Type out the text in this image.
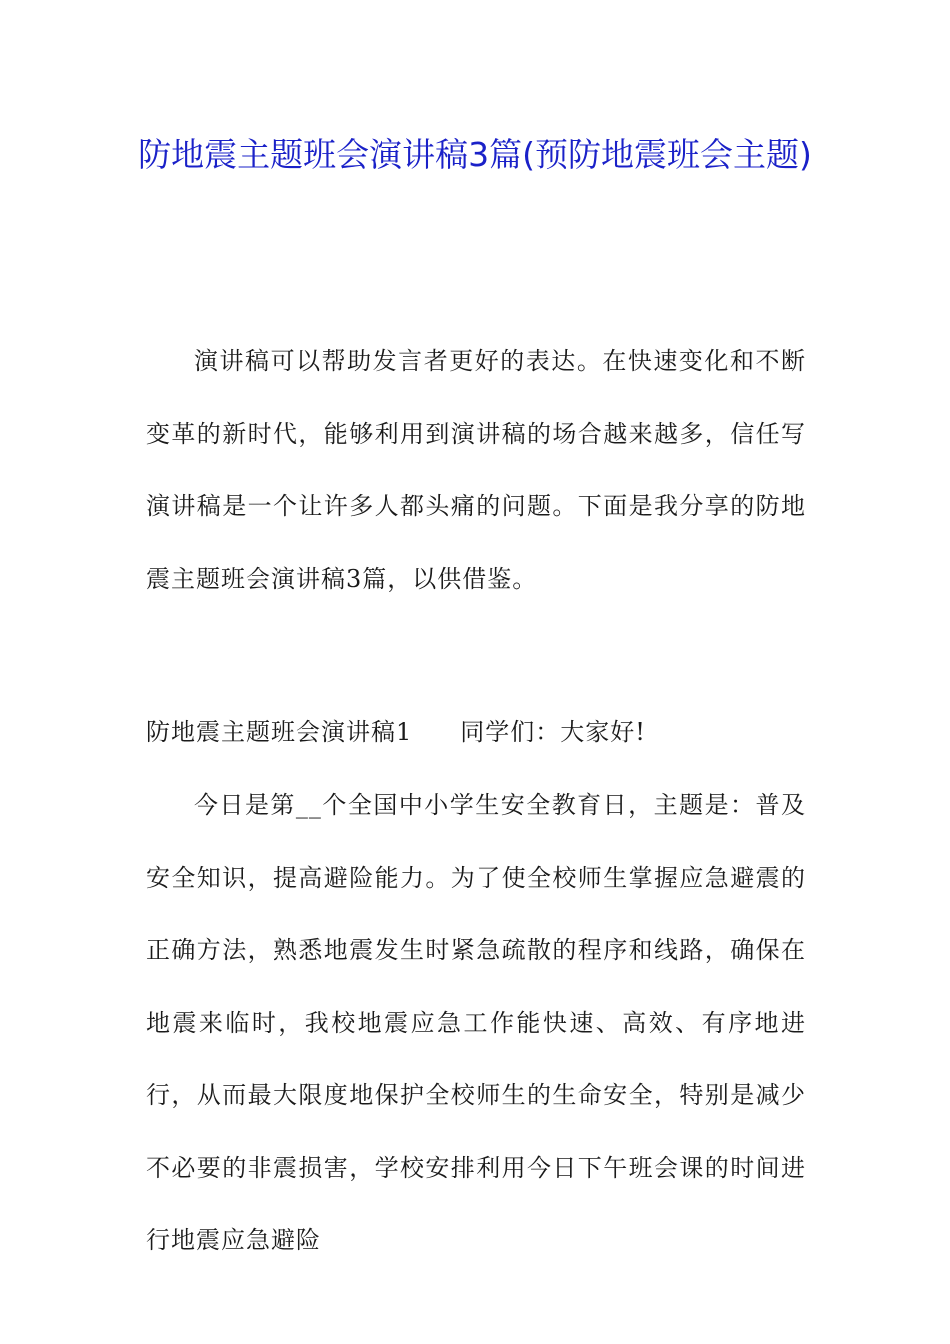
防地震主题班会演讲稿3篇(预防地震班会主题)

演讲稿可以帮助发言者更好的表达。在快速变化和不断变革的新时代，能够利用到演讲稿的场合越来越多，信任写演讲稿是一个让许多人都头痛的问题。下面是我分享的防地震主题班会演讲稿3篇，以供借鉴。

防地震主题班会演讲稿1 同学们：大家好!

今日是第__个全国中小学生安全教育日，主题是：普及安全知识，提高避险能力。为了使全校师生掌握应急避震的正确方法，熟悉地震发生时紧急疏散的程序和线路，确保在地震来临时，我校地震应急工作能快速、高效、有序地进行，从而最大限度地保护全校师生的生命安全，特别是减少不必要的非震损害，学校安排利用今日下午班会课的时间进行地震应急避险
